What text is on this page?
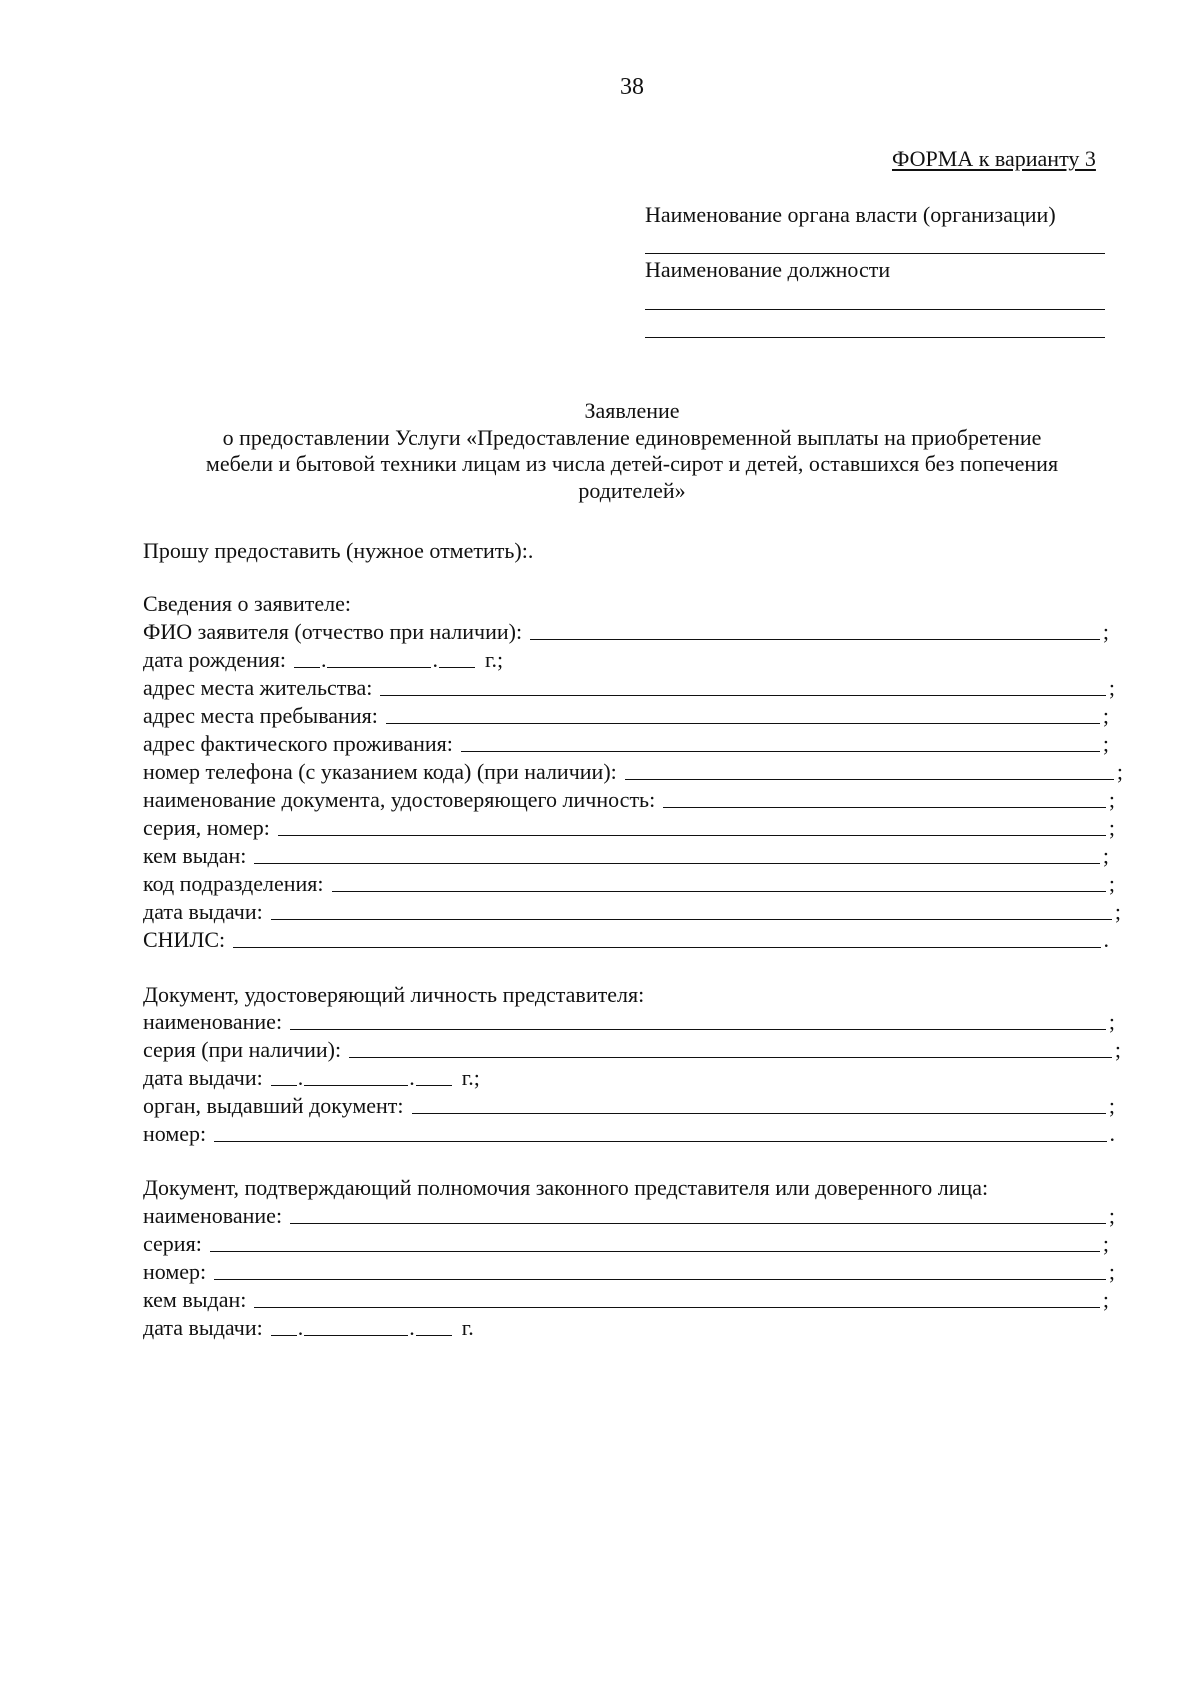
38
ФОРМА к варианту 3
Наименование органа власти (организации)
Наименование должности
Заявление
о предоставлении Услуги «Предоставление единовременной выплаты на приобретение
мебели и бытовой техники лицам из числа детей-сирот и детей, оставшихся без попечения
родителей»
Прошу предоставить (нужное отметить):.
Сведения о заявителе:
ФИО заявителя (отчество при наличии):	;
дата рождения: .	. г.;
адрес места жительства:	;
адрес места пребывания:	;
адрес фактического проживания:	;
номер телефона (с указанием кода) (при наличии):	;
наименование документа, удостоверяющего личность:	;
серия, номер:	;
кем выдан:	;
код подразделения:	;
дата выдачи:	;
СНИЛС:	.
Документ, удостоверяющий личность представителя:
наименование:	;
серия (при наличии):	;
дата выдачи: .	. г.;
орган, выдавший документ:	;
номер:	.
Документ, подтверждающий полномочия законного представителя или доверенного лица:
наименование:	;
серия:	;
номер:	;
кем выдан:	;
дата выдачи: .	. г.
